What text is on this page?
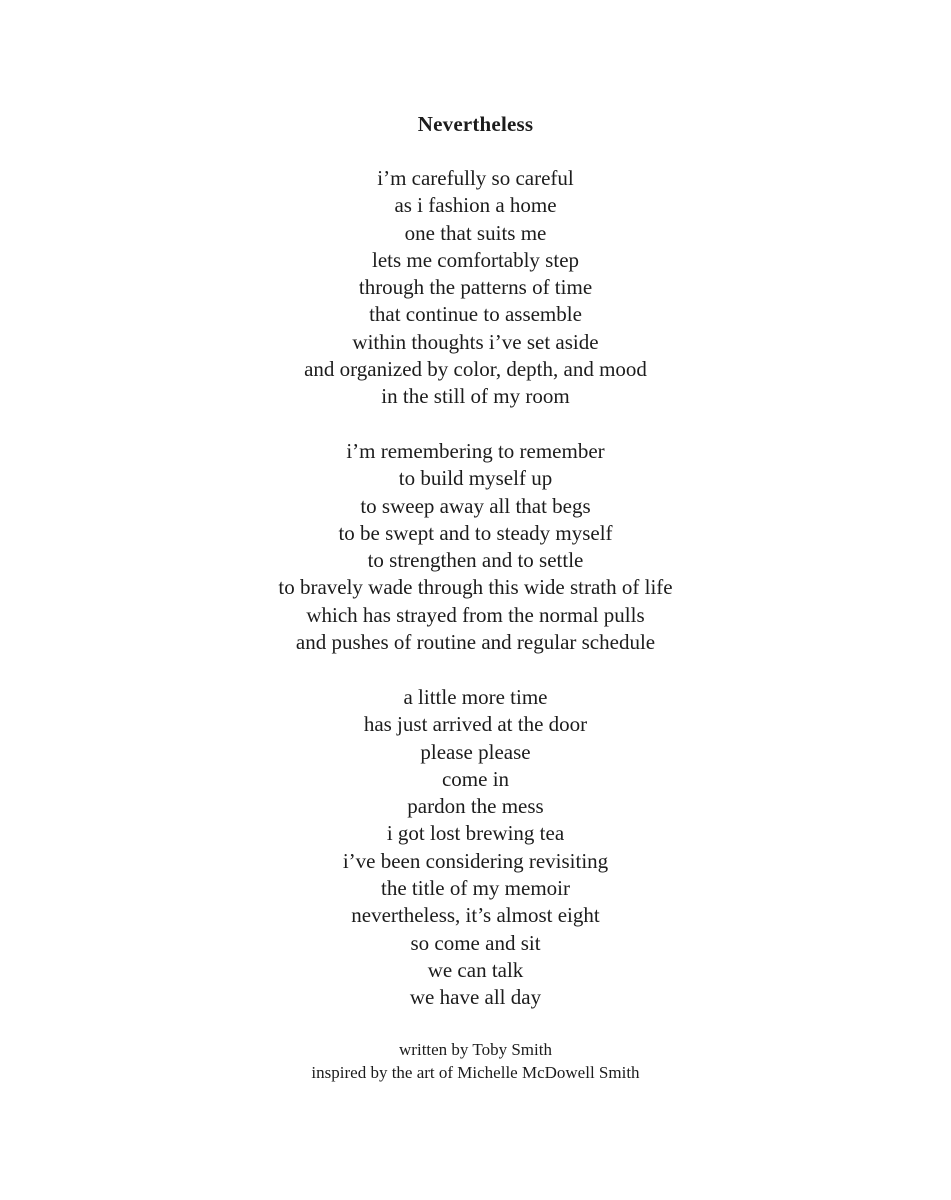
Nevertheless
i’m carefully so careful
as i fashion a home
one that suits me
lets me comfortably step
through the patterns of time
that continue to assemble
within thoughts i’ve set aside
and organized by color, depth, and mood
in the still of my room
i’m remembering to remember
to build myself up
to sweep away all that begs
to be swept and to steady myself
to strengthen and to settle
to bravely wade through this wide strath of life
which has strayed from the normal pulls
and pushes of routine and regular schedule
a little more time
has just arrived at the door
please please
come in
pardon the mess
i got lost brewing tea
i’ve been considering revisiting
the title of my memoir
nevertheless, it’s almost eight
so come and sit
we can talk
we have all day
written by Toby Smith
inspired by the art of Michelle McDowell Smith
